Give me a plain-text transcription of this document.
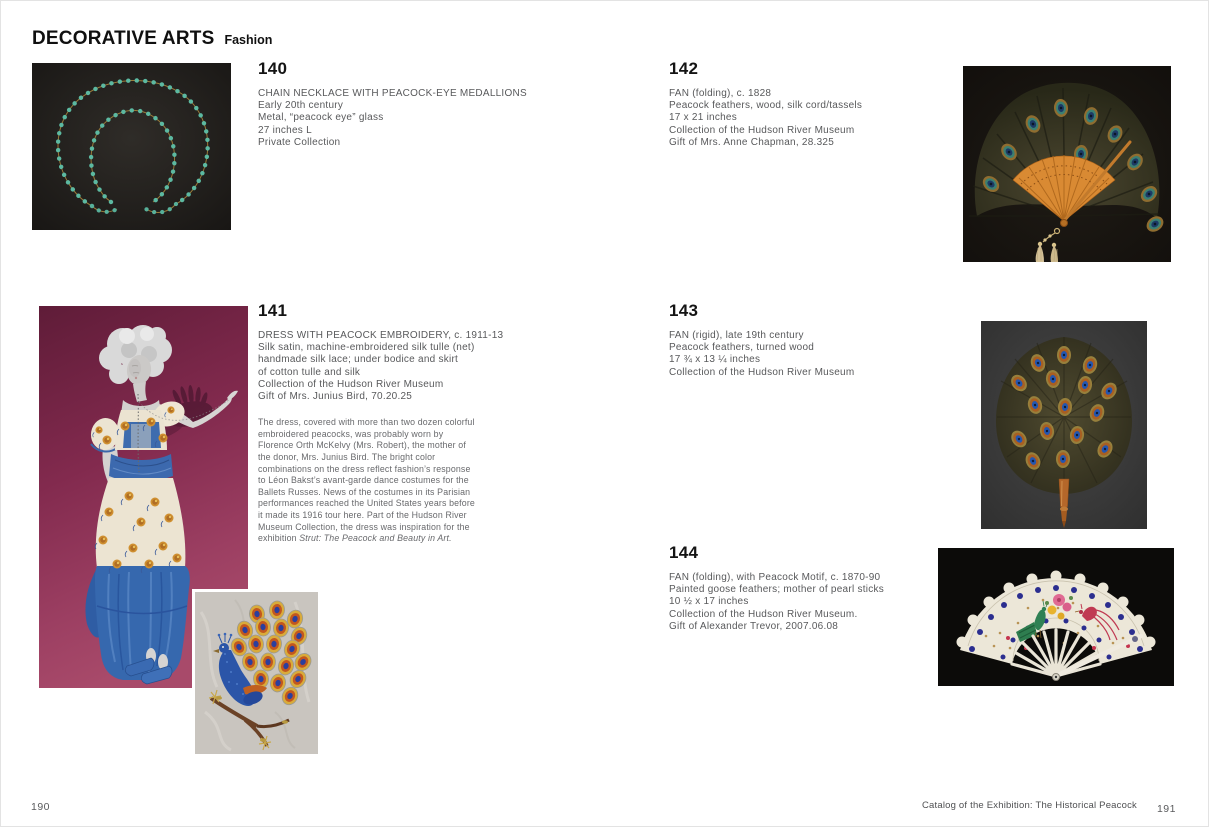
DECORATIVE ARTS Fashion
140
CHAIN NECKLACE WITH PEACOCK-EYE MEDALLIONS
Early 20th century
Metal, “peacock eye” glass
27 inches L
Private Collection
142
FAN (folding), c. 1828
Peacock feathers, wood, silk cord/tassels
17 x 21 inches
Collection of the Hudson River Museum
Gift of Mrs. Anne Chapman, 28.325
141
DRESS WITH PEACOCK EMBROIDERY, c. 1911-13
Silk satin, machine-embroidered silk tulle (net)
handmade silk lace; under bodice and skirt
of cotton tulle and silk
Collection of the Hudson River Museum
Gift of Mrs. Junius Bird, 70.20.25

The dress, covered with more than two dozen colorful embroidered peacocks, was probably worn by Florence Orth McKelvy (Mrs. Robert), the mother of the donor, Mrs. Junius Bird. The bright color combinations on the dress reflect fashion’s response to Léon Bakst’s avant-garde dance costumes for the Ballets Russes. News of the costumes in its Parisian performances reached the United States years before it made its 1916 tour here. Part of the Hudson River Museum Collection, the dress was inspiration for the exhibition Strut: The Peacock and Beauty in Art.

143
FAN (rigid), late 19th century
Peacock feathers, turned wood
17 ¾ x 13 ¼ inches
Collection of the Hudson River Museum
144
FAN (folding), with Peacock Motif, c. 1870-90
Painted goose feathers; mother of pearl sticks
10 ½ x 17 inches
Collection of the Hudson River Museum.
Gift of Alexander Trevor, 2007.06.08
190	Catalog of the Exhibition: The Historical Peacock 191
